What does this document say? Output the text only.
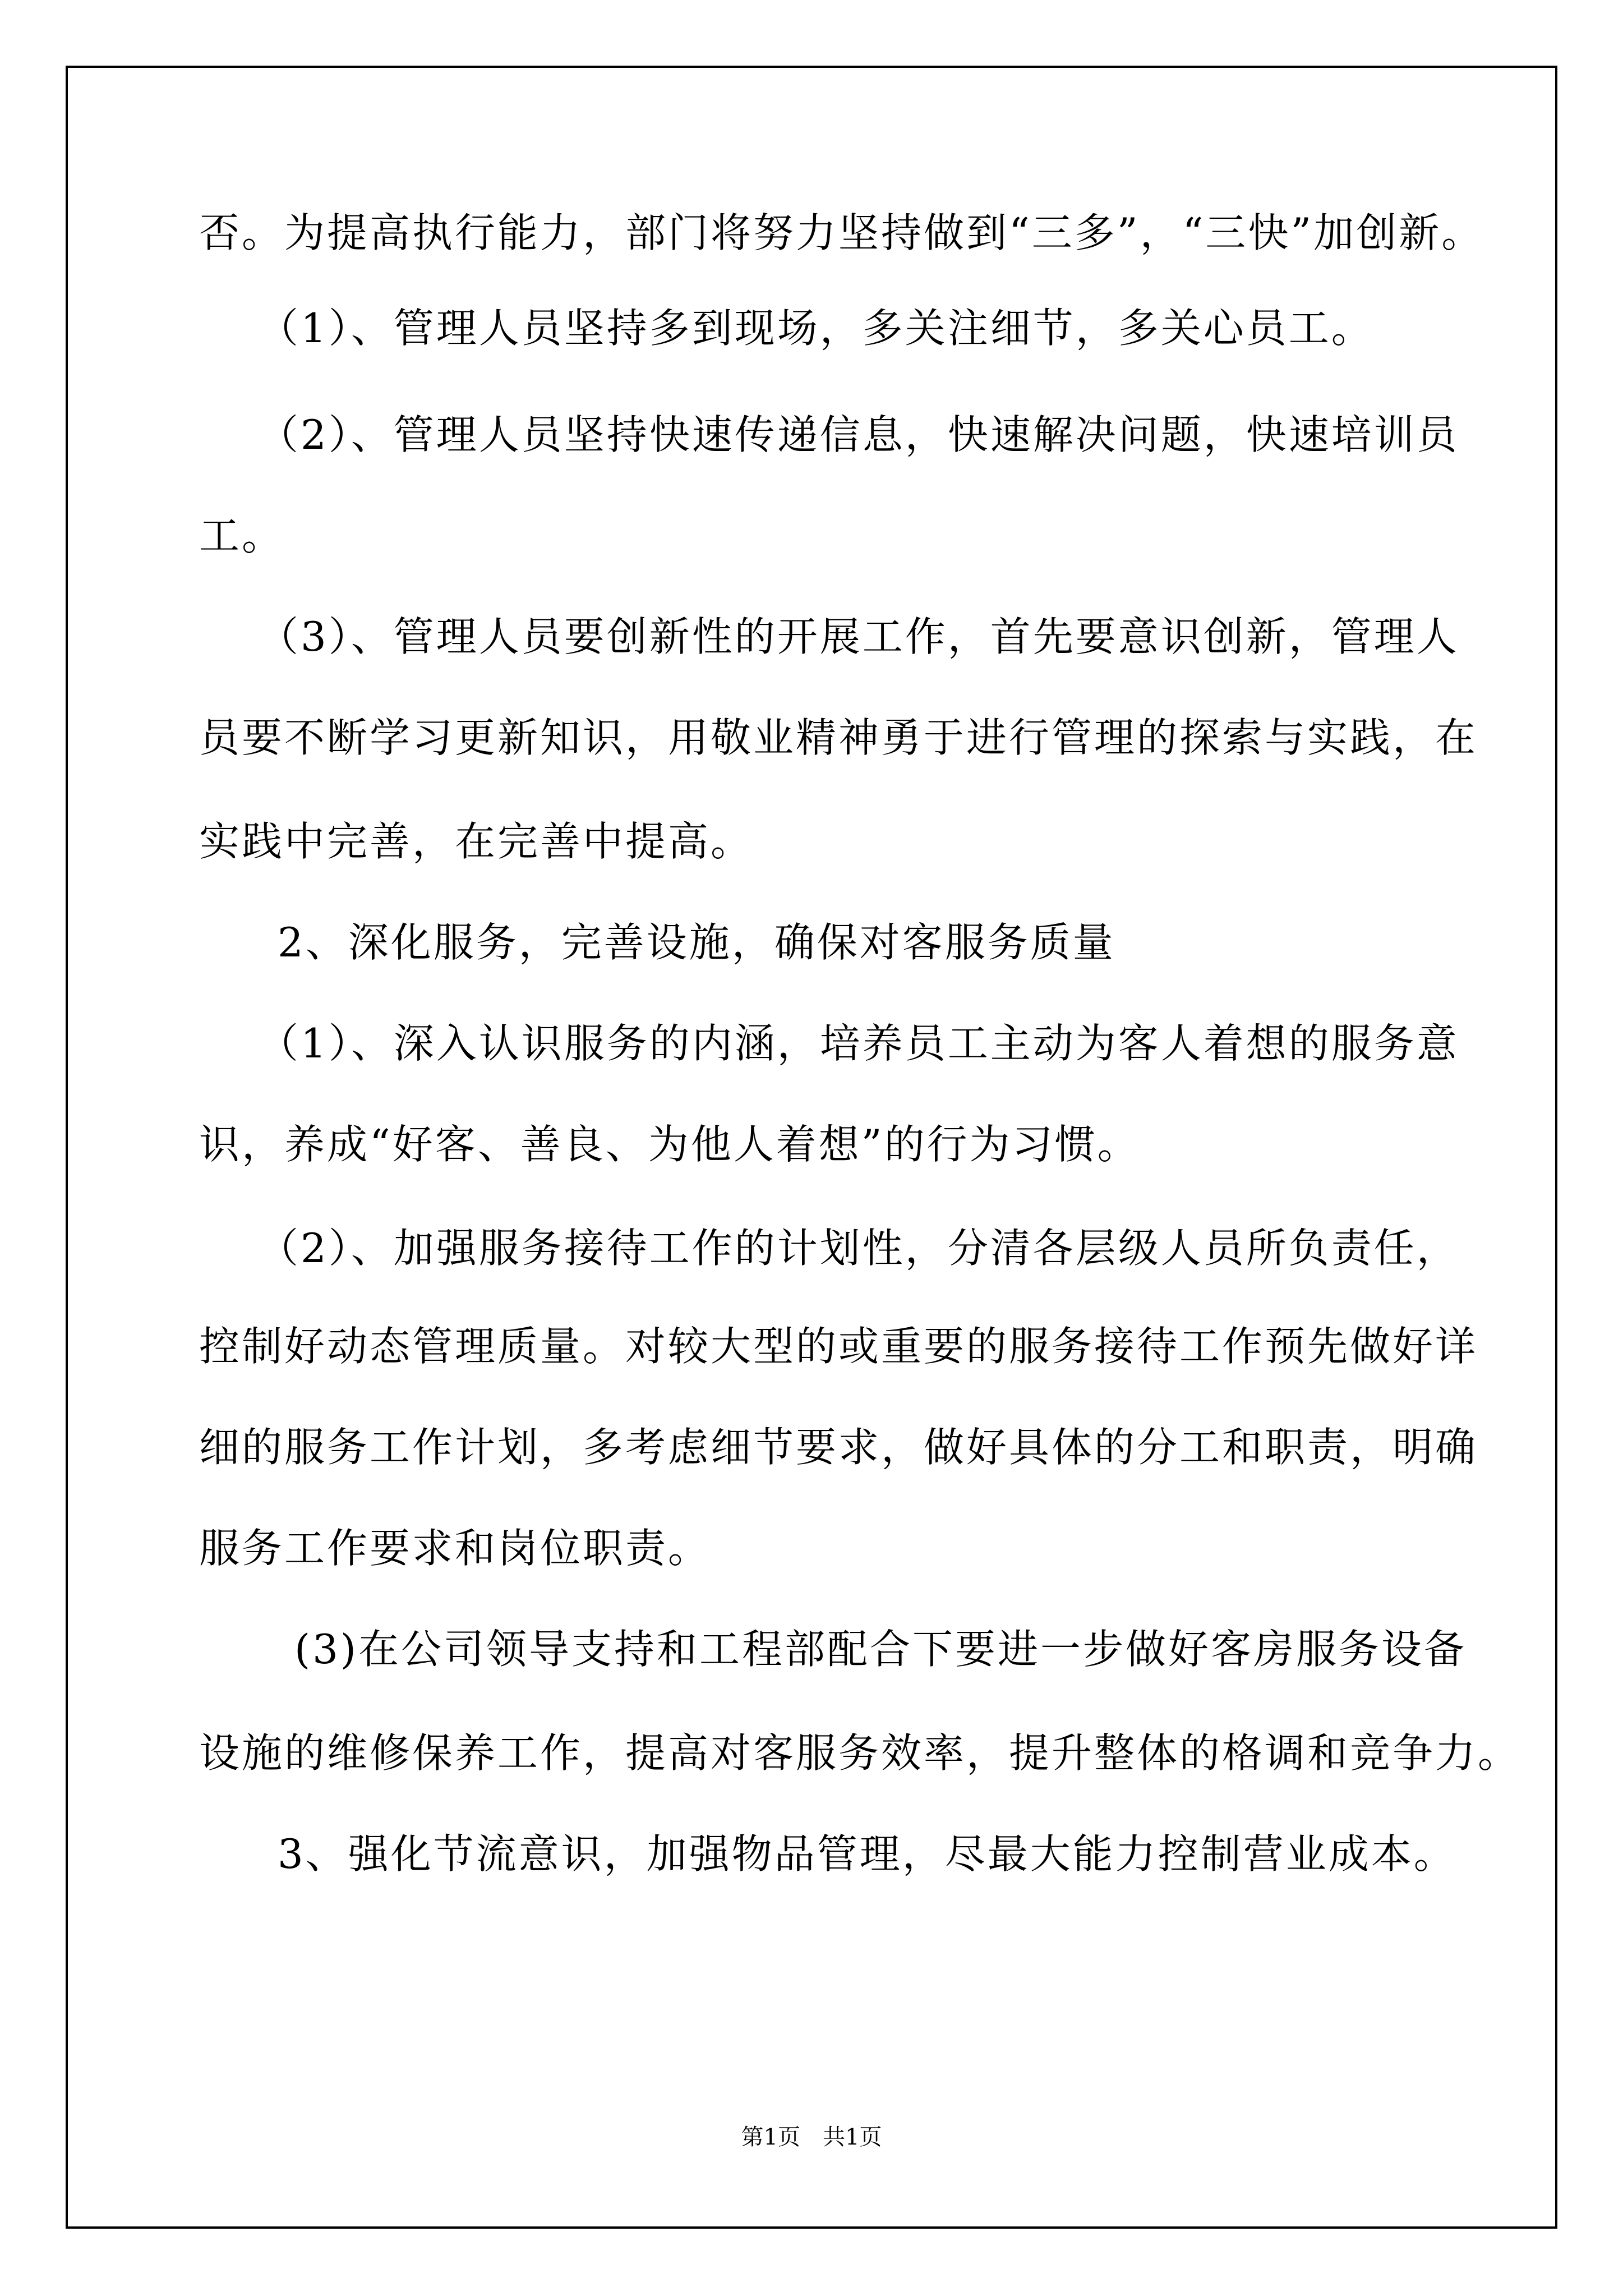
否。为提高执行能力，部门将努力坚持做到“三多”，“三快”加创新。
（1）、管理人员坚持多到现场，多关注细节，多关心员工。
（2）、管理人员坚持快速传递信息，快速解决问题，快速培训员
工。
（3）、管理人员要创新性的开展工作，首先要意识创新，管理人
员要不断学习更新知识，用敬业精神勇于进行管理的探索与实践，在
实践中完善，在完善中提高。
2、深化服务，完善设施，确保对客服务质量
（1）、深入认识服务的内涵，培养员工主动为客人着想的服务意
识，养成“好客、善良、为他人着想”的行为习惯。
（2）、加强服务接待工作的计划性，分清各层级人员所负责任，
控制好动态管理质量。对较大型的或重要的服务接待工作预先做好详
细的服务工作计划，多考虑细节要求，做好具体的分工和职责，明确
服务工作要求和岗位职责。
(3)在公司领导支持和工程部配合下要进一步做好客房服务设备
设施的维修保养工作，提高对客服务效率，提升整体的格调和竞争力。
3、强化节流意识，加强物品管理，尽最大能力控制营业成本。
第1页 共1页
